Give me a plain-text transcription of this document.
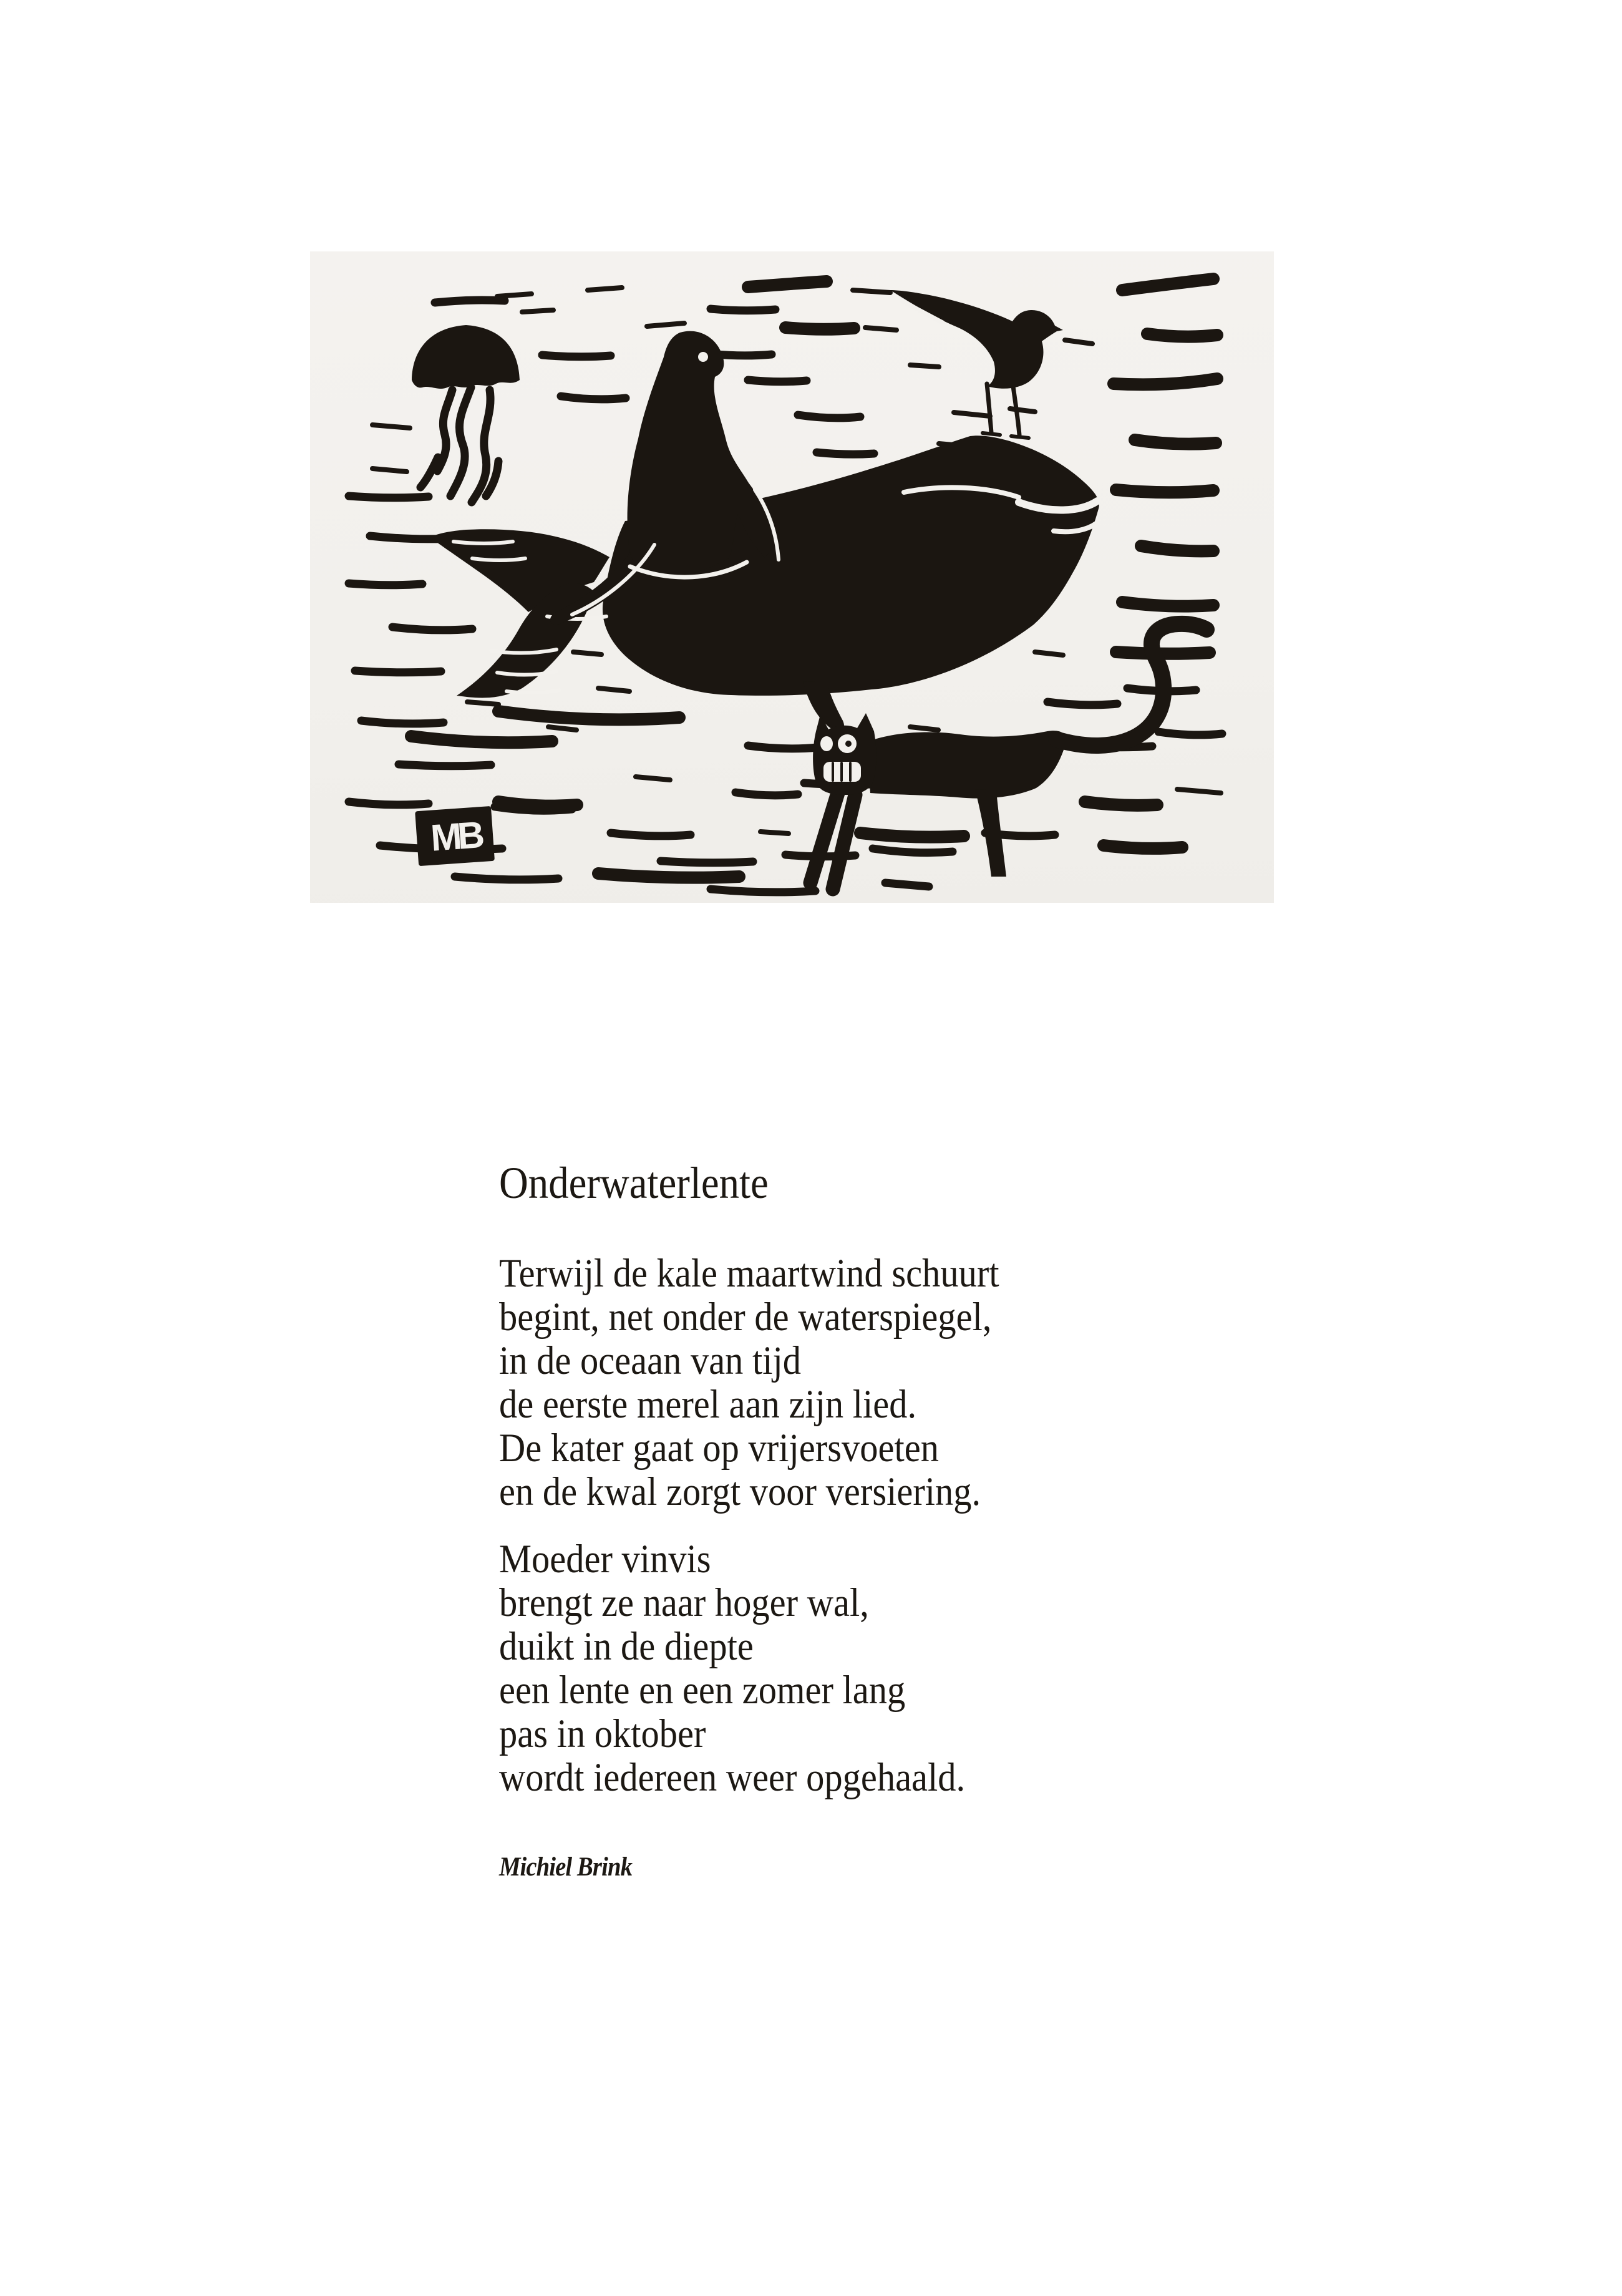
MB
Onderwaterlente
Terwijl de kale maartwind schuurt
begint, net onder de waterspiegel,
in de oceaan van tijd
de eerste merel aan zijn lied.
De kater gaat op vrijersvoeten
en de kwal zorgt voor versiering.
Moeder vinvis
brengt ze naar hoger wal,
duikt in de diepte
een lente en een zomer lang
pas in oktober
wordt iedereen weer opgehaald.
Michiel Brink
